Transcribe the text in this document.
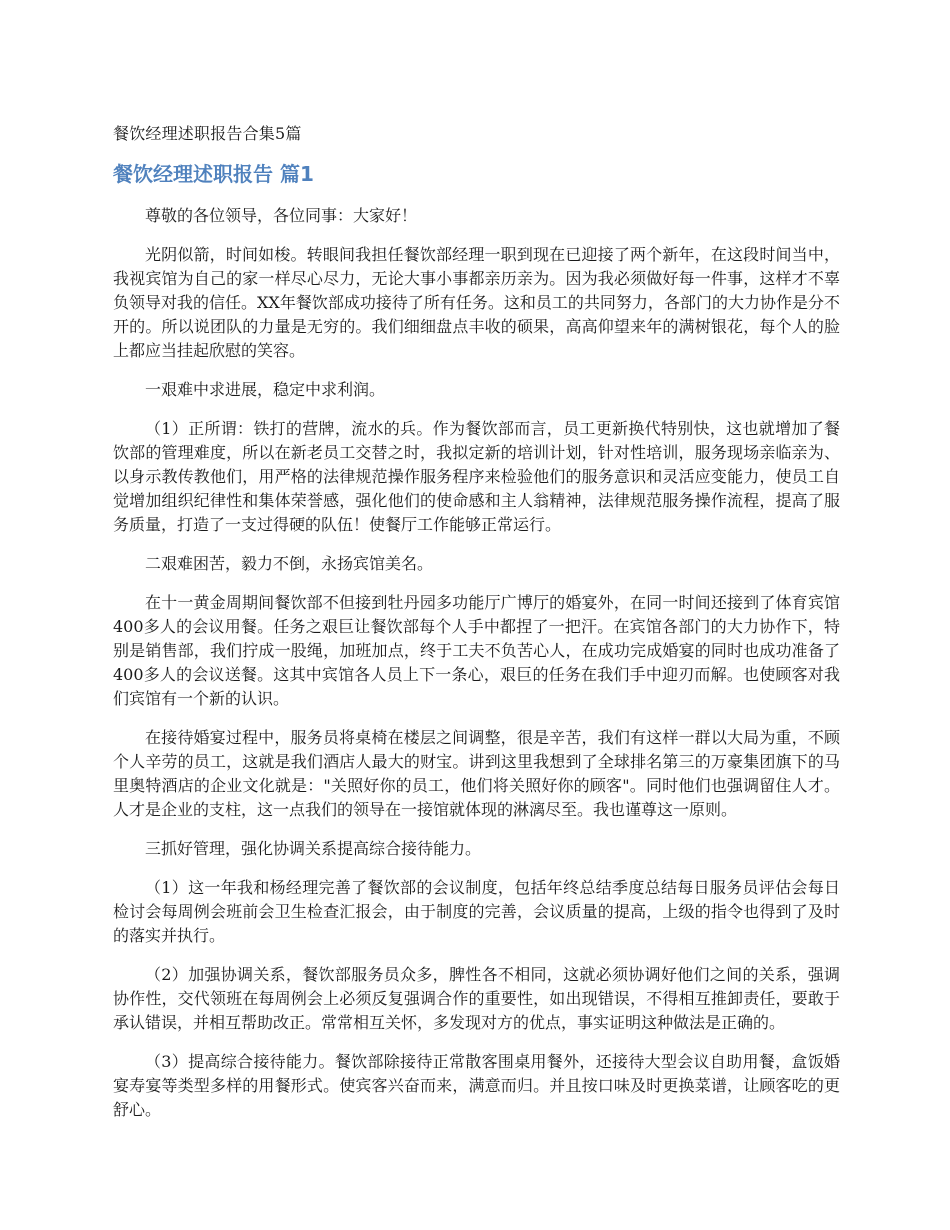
餐饮经理述职报告合集5篇
餐饮经理述职报告 篇1

尊敬的各位领导，各位同事：大家好！

光阴似箭，时间如梭。转眼间我担任餐饮部经理一职到现在已迎接了两个新年，在这段时间当中，我视宾馆为自己的家一样尽心尽力，无论大事小事都亲历亲为。因为我必须做好每一件事，这样才不辜负领导对我的信任。XX年餐饮部成功接待了所有任务。这和员工的共同努力，各部门的大力协作是分不开的。所以说团队的力量是无穷的。我们细细盘点丰收的硕果，高高仰望来年的满树银花，每个人的脸上都应当挂起欣慰的笑容。

一艰难中求进展，稳定中求利润。

（1）正所谓：铁打的营牌，流水的兵。作为餐饮部而言，员工更新换代特别快，这也就增加了餐饮部的管理难度，所以在新老员工交替之时，我拟定新的培训计划，针对性培训，服务现场亲临亲为、以身示教传教他们，用严格的法律规范操作服务程序来检验他们的服务意识和灵活应变能力，使员工自觉增加组织纪律性和集体荣誉感，强化他们的使命感和主人翁精神，法律规范服务操作流程，提高了服务质量，打造了一支过得硬的队伍！使餐厅工作能够正常运行。

二艰难困苦，毅力不倒，永扬宾馆美名。

在十一黄金周期间餐饮部不但接到牡丹园多功能厅广博厅的婚宴外，在同一时间还接到了体育宾馆400多人的会议用餐。任务之艰巨让餐饮部每个人手中都捏了一把汗。在宾馆各部门的大力协作下，特别是销售部，我们拧成一股绳，加班加点，终于工夫不负苦心人，在成功完成婚宴的同时也成功准备了400多人的会议送餐。这其中宾馆各人员上下一条心，艰巨的任务在我们手中迎刃而解。也使顾客对我们宾馆有一个新的认识。

在接待婚宴过程中，服务员将桌椅在楼层之间调整，很是辛苦，我们有这样一群以大局为重，不顾个人辛劳的员工，这就是我们酒店人最大的财宝。讲到这里我想到了全球排名第三的万豪集团旗下的马里奥特酒店的企业文化就是："关照好你的员工，他们将关照好你的顾客"。同时他们也强调留住人才。人才是企业的支柱，这一点我们的领导在一接馆就体现的淋漓尽至。我也谨尊这一原则。

三抓好管理，强化协调关系提高综合接待能力。

（1）这一年我和杨经理完善了餐饮部的会议制度，包括年终总结季度总结每日服务员评估会每日检讨会每周例会班前会卫生检查汇报会，由于制度的完善，会议质量的提高，上级的指令也得到了及时的落实并执行。

（2）加强协调关系，餐饮部服务员众多，脾性各不相同，这就必须协调好他们之间的关系，强调协作性，交代领班在每周例会上必须反复强调合作的重要性，如出现错误，不得相互推卸责任，要敢于承认错误，并相互帮助改正。常常相互关怀，多发现对方的优点，事实证明这种做法是正确的。

（3）提高综合接待能力。餐饮部除接待正常散客围桌用餐外，还接待大型会议自助用餐，盒饭婚宴寿宴等类型多样的用餐形式。使宾客兴奋而来，满意而归。并且按口味及时更换菜谱，让顾客吃的更舒心。
